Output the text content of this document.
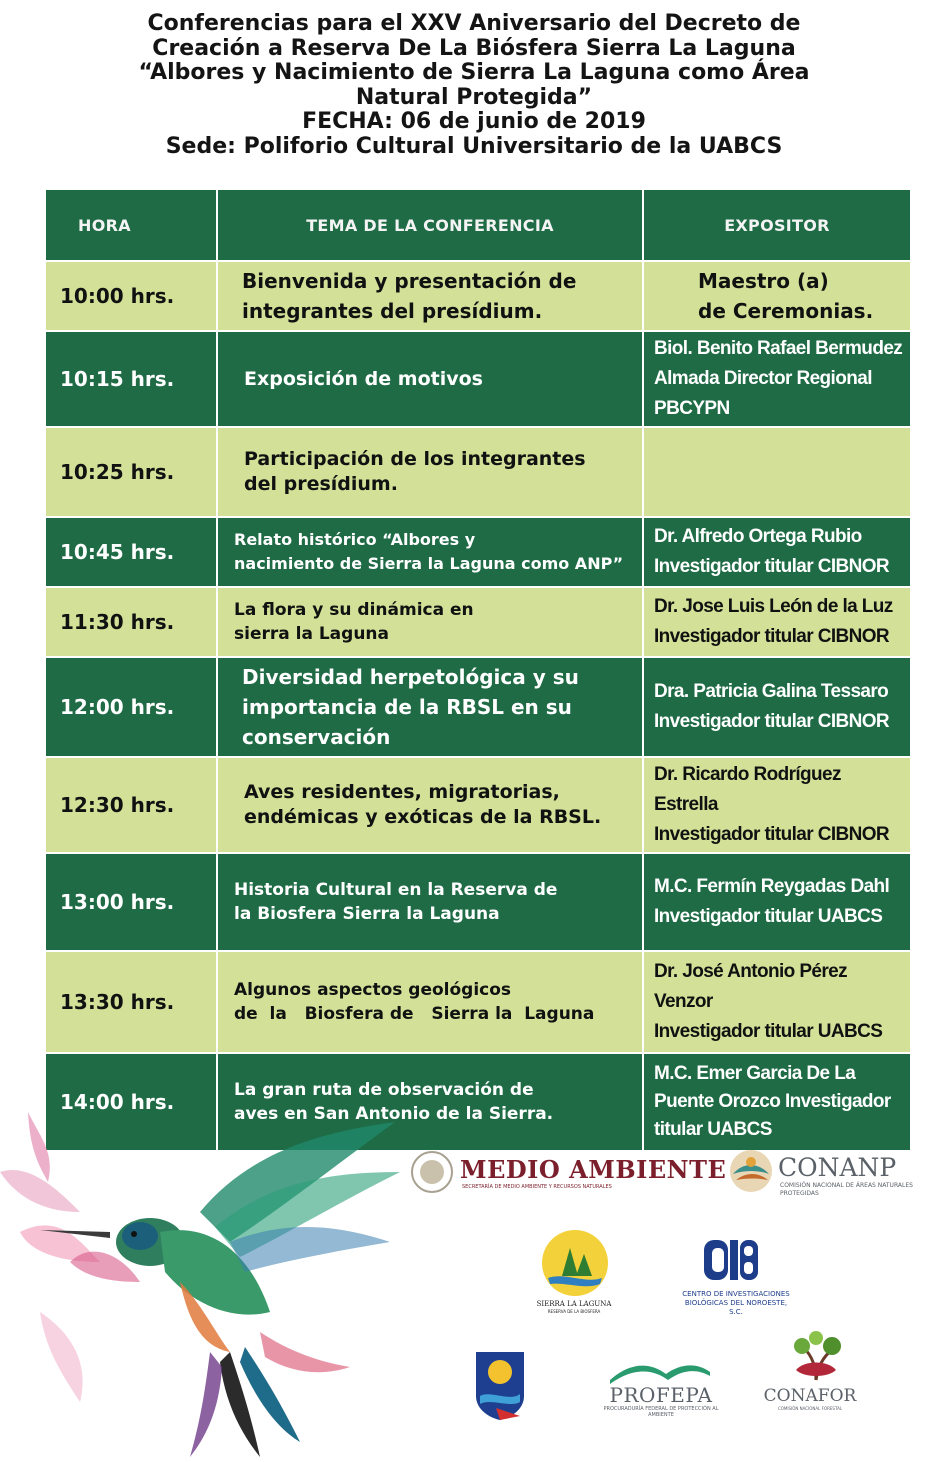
Conferencias para el XXV Aniversario del Decreto de
Creación a Reserva De La Biósfera Sierra La Laguna
“Albores y Nacimiento de Sierra La Laguna como Área
Natural Protegida”
FECHA: 06 de junio de 2019
Sede: Poliforio Cultural Universitario de la UABCS
HORA	TEMA DE LA CONFERENCIA	EXPOSITOR
10:00 hrs.	Bienvenida y presentación de
integrantes del presídium.	Maestro (a)
de Ceremonias.
10:15 hrs.	Exposición de motivos	Biol. Benito Rafael Bermudez
Almada Director Regional PBCYPN
10:25 hrs.	Participación de los integrantes
del presídium.	
10:45 hrs.	Relato histórico “Albores y
nacimiento de Sierra la Laguna como ANP”	Dr. Alfredo Ortega Rubio
Investigador titular CIBNOR
11:30 hrs.	La flora y su dinámica en
sierra la Laguna	Dr. Jose Luis León de la Luz
Investigador titular CIBNOR
12:00 hrs.	Diversidad herpetológica y su
importancia de la RBSL en su
conservación	Dra. Patricia Galina Tessaro
Investigador titular CIBNOR
12:30 hrs.	Aves residentes, migratorias,
endémicas y exóticas de la RBSL.	Dr. Ricardo Rodríguez Estrella
Investigador titular CIBNOR
13:00 hrs.	Historia Cultural en la Reserva de
la Biosfera Sierra la Laguna	M.C. Fermín Reygadas Dahl
Investigador titular UABCS
13:30 hrs.	Algunos aspectos geológicos
de  la   Biosfera de   Sierra la  Laguna	Dr. José Antonio Pérez Venzor
Investigador titular UABCS
14:00 hrs.	La gran ruta de observación de
aves en San Antonio de la Sierra.	M.C. Emer Garcia De La
Puente Orozco Investigador
titular UABCS
MEDIO AMBIENTE
SECRETARÍA DE MEDIO AMBIENTE Y RECURSOS NATURALES
CONANP
COMISIÓN NACIONAL DE ÁREAS NATURALES PROTEGIDAS
SIERRA LA LAGUNA
RESERVA DE LA BIOSFERA
CENTRO DE INVESTIGACIONES BIOLÓGICAS DEL NOROESTE, S.C.
PROFEPA
PROCURADURÍA FEDERAL DE PROTECCIÓN AL AMBIENTE
CONAFOR
COMISIÓN NACIONAL FORESTAL
